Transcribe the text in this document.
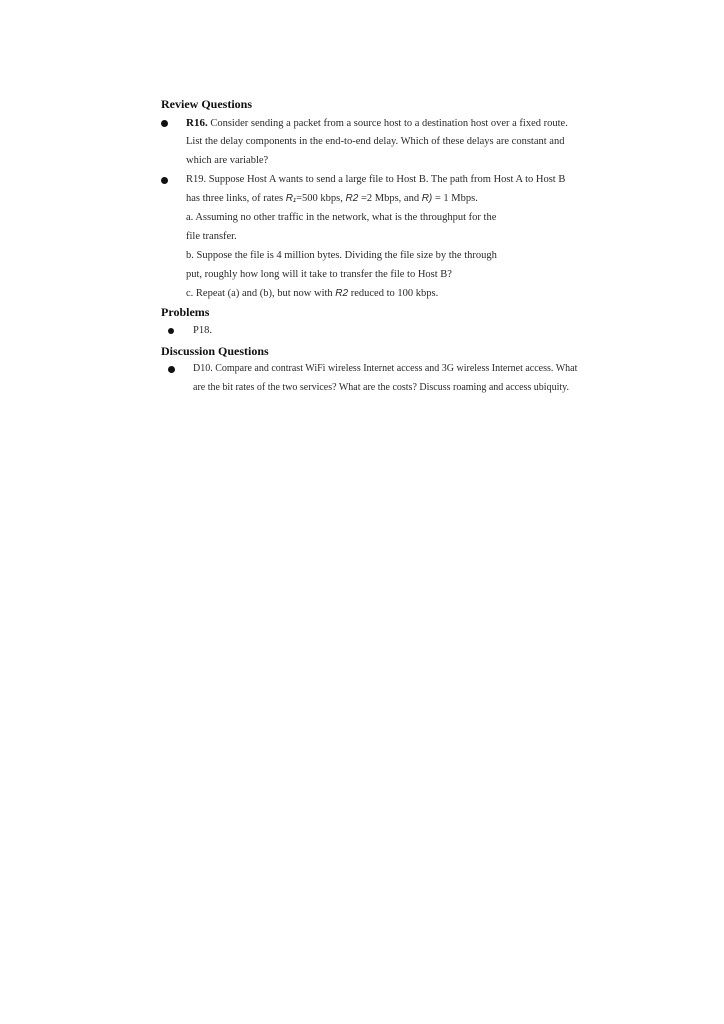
Review Questions

R16. Consider sending a packet from a source host to a destination host over a fixed route.

List the delay components in the end-to-end delay. Which of these delays are constant and

which are variable?

R19. Suppose Host A wants to send a large file to Host B. The path from Host A to Host B

has three links, of rates R₁=500 kbps, R2 =2 Mbps, and R) = 1 Mbps.

a. Assuming no other traffic in the network, what is the throughput for the

file transfer.

b. Suppose the file is 4 million bytes. Dividing the file size by the through

put, roughly how long will it take to transfer the file to Host B?

c. Repeat (a) and (b), but now with R2 reduced to 100 kbps.

Problems

P18.

Discussion Questions

D10. Compare and contrast WiFi wireless Internet access and 3G wireless Internet access. What

are the bit rates of the two services? What are the costs? Discuss roaming and access ubiquity.
